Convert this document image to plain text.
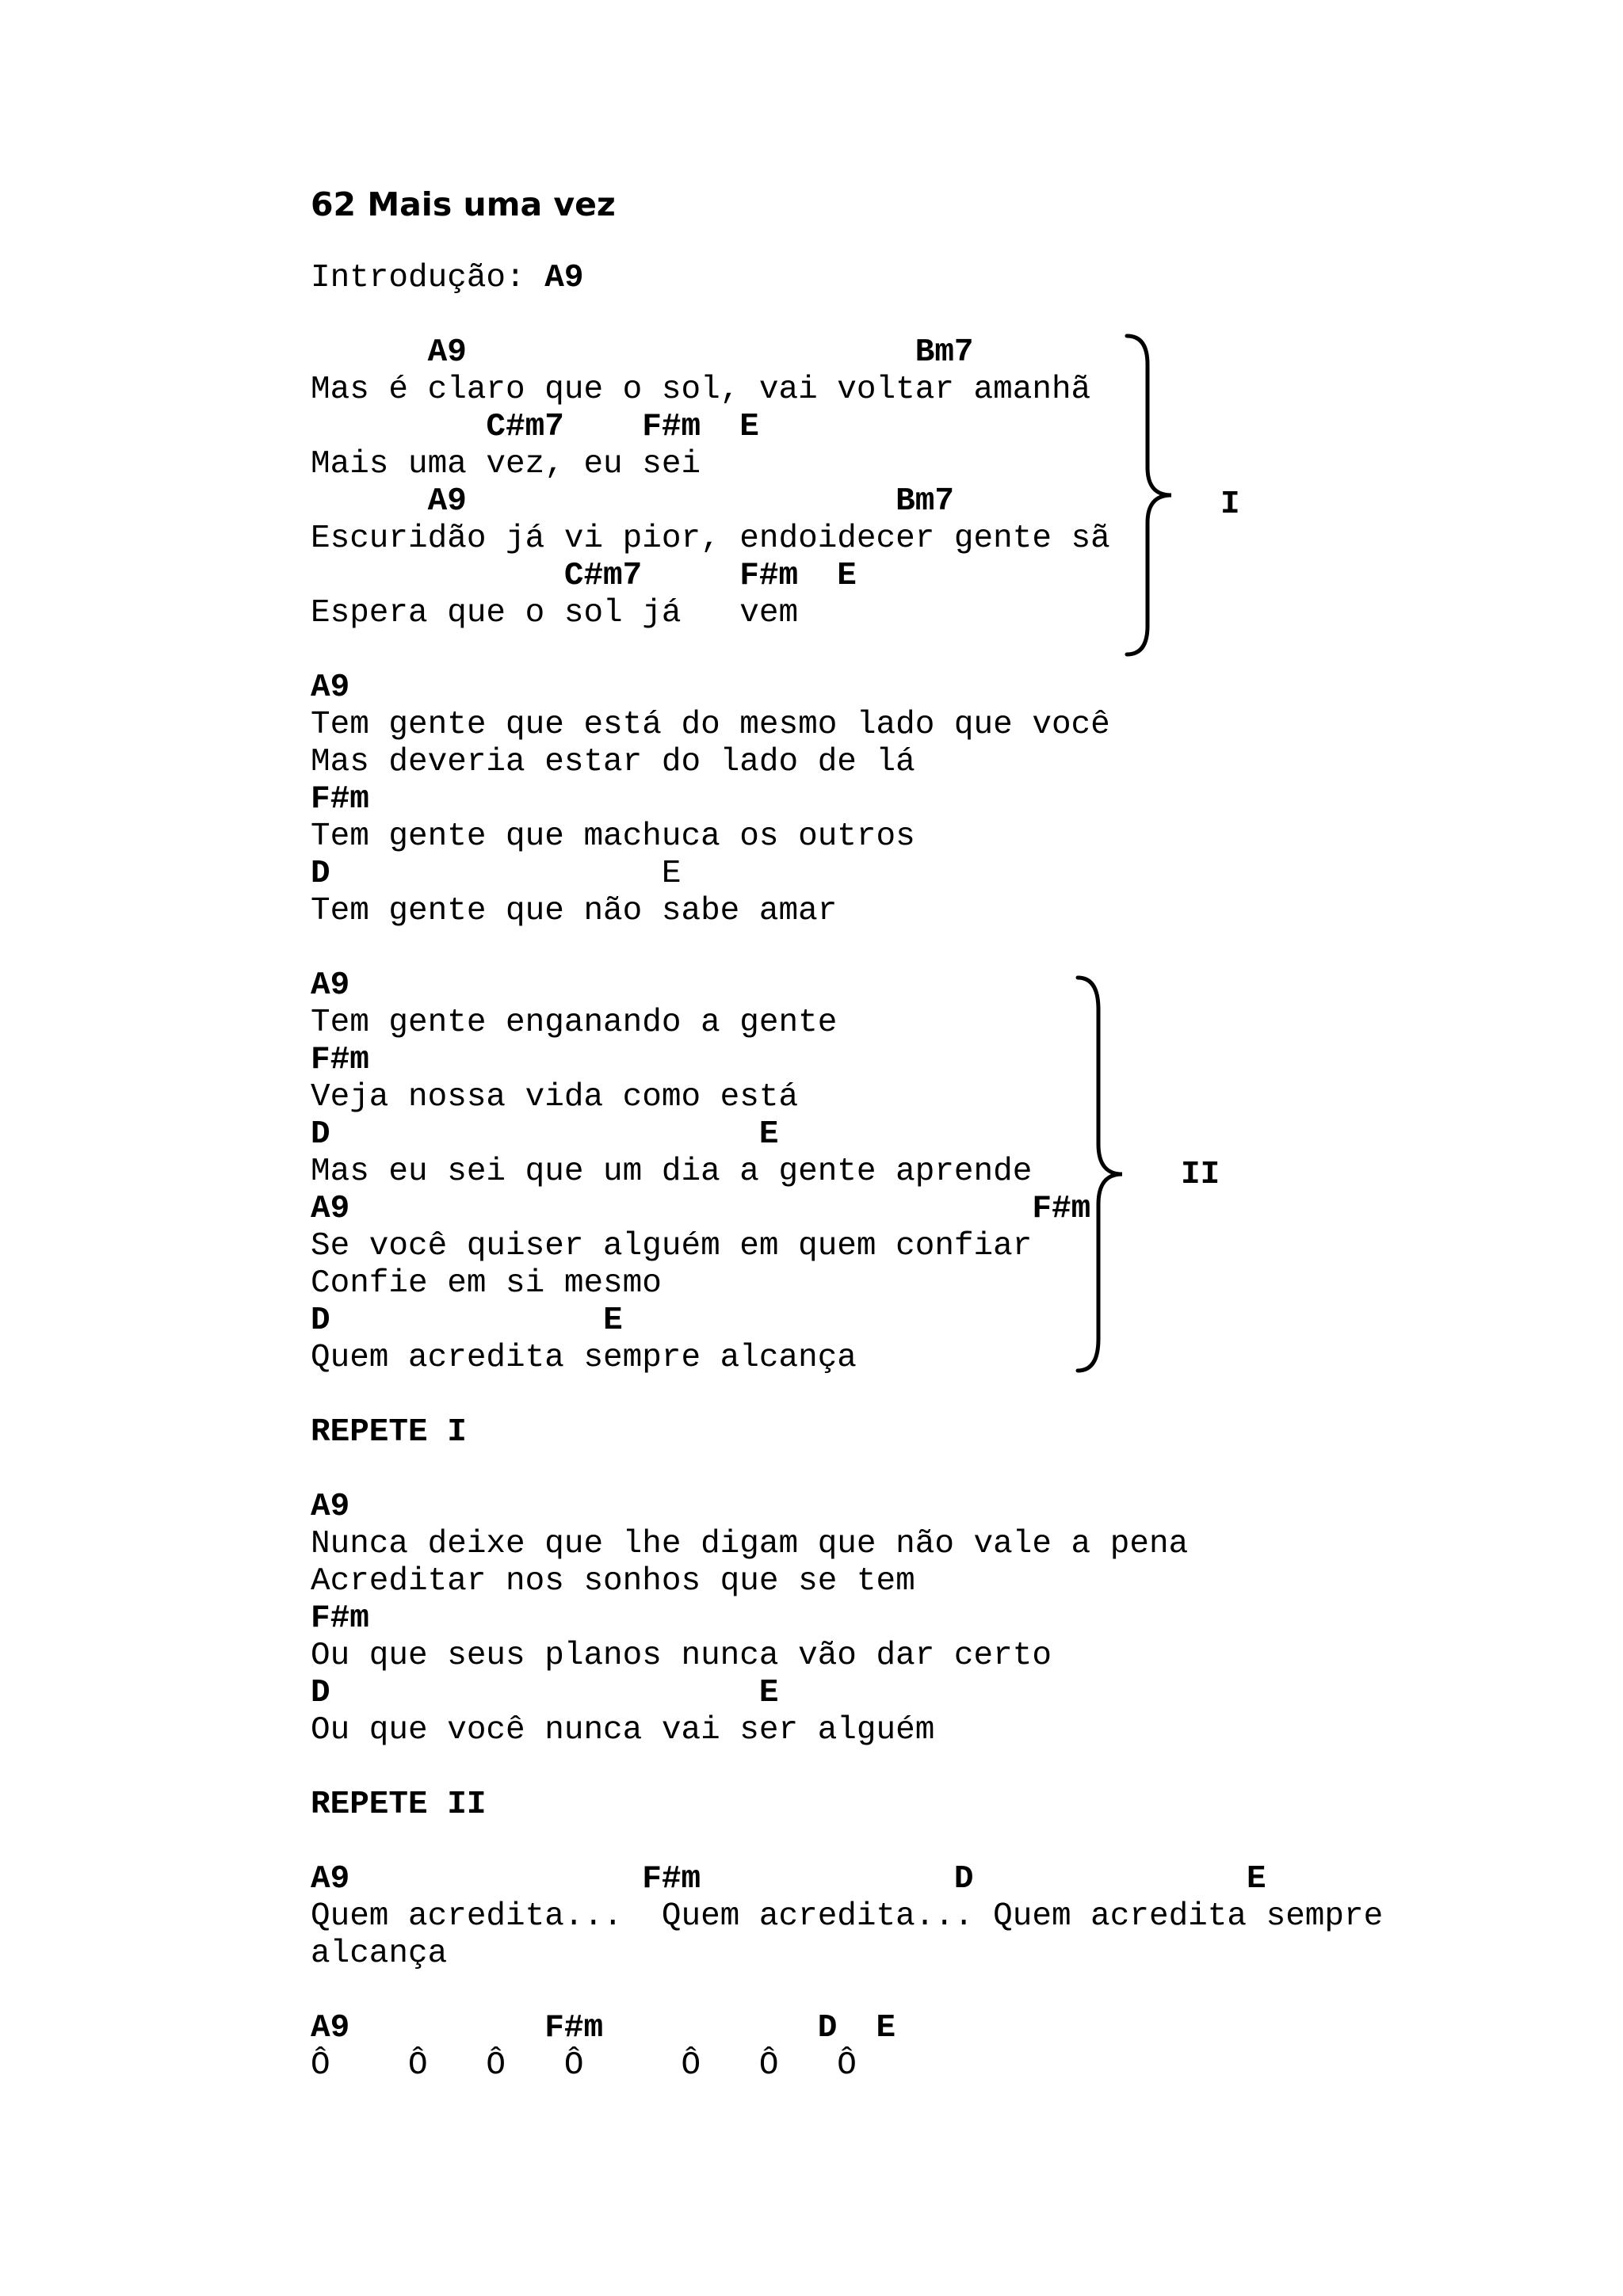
62 Mais uma vez
Introdução: A9
A9                       Bm7
Mas é claro que o sol, vai voltar amanhã
C#m7    F#m  E
Mais uma vez, eu sei
A9                      Bm7
Escuridão já vi pior, endoidecer gente sã
C#m7     F#m  E
Espera que o sol já   vem
A9
Tem gente que está do mesmo lado que você
Mas deveria estar do lado de lá
F#m
Tem gente que machuca os outros
D                 E
Tem gente que não sabe amar
A9
Tem gente enganando a gente
F#m
Veja nossa vida como está
D                      E
Mas eu sei que um dia a gente aprende
A9                                   F#m
Se você quiser alguém em quem confiar
Confie em si mesmo
D              E
Quem acredita sempre alcança
REPETE I
A9
Nunca deixe que lhe digam que não vale a pena
Acreditar nos sonhos que se tem
F#m
Ou que seus planos nunca vão dar certo
D                      E
Ou que você nunca vai ser alguém
REPETE II
A9               F#m             D              E
Quem acredita...  Quem acredita... Quem acredita sempre
alcança
A9          F#m           D  E
Ô    Ô   Ô   Ô     Ô   Ô   Ô
I
II
